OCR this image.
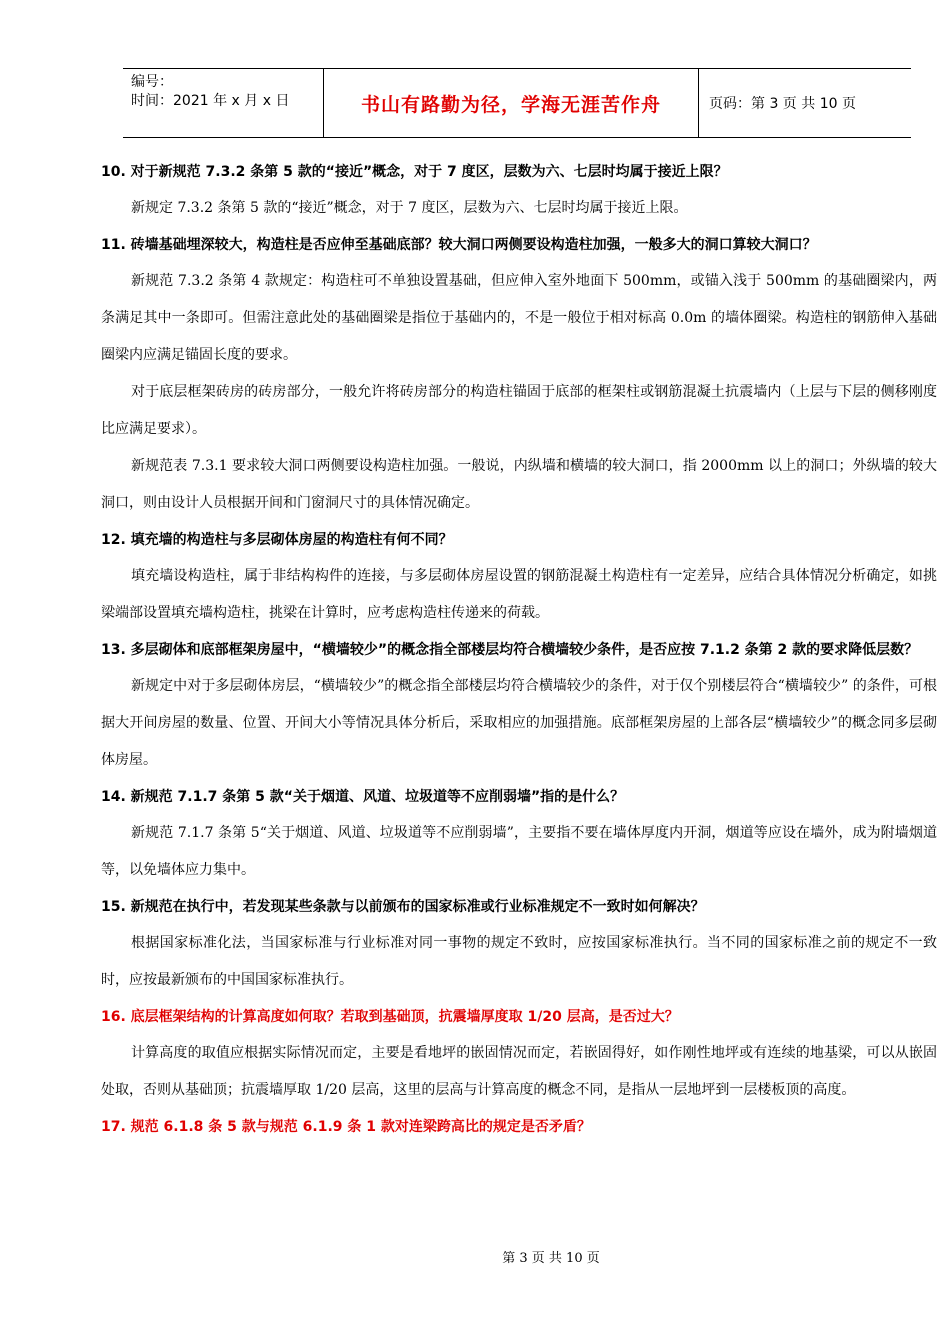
编号：
时间：2021 年 x 月 x 日	书山有路勤为径，学海无涯苦作舟	页码：第 3 页 共 10 页

10. 对于新规范 7.3.2 条第 5 款的“接近”概念，对于 7 度区，层数为六、七层时均属于接近上限？

新规定 7.3.2 条第 5 款的“接近”概念，对于 7 度区，层数为六、七层时均属于接近上限。

11. 砖墙基础埋深较大，构造柱是否应伸至基础底部？较大洞口两侧要设构造柱加强，一般多大的洞口算较大洞口？

新规范 7.3.2 条第 4 款规定：构造柱可不单独设置基础，但应伸入室外地面下 500mm，或锚入浅于 500mm 的基础圈梁内，两条满足其中一条即可。但需注意此处的基础圈梁是指位于基础内的，不是一般位于相对标高 0.0m 的墙体圈梁。构造柱的钢筋伸入基础圈梁内应满足锚固长度的要求。

对于底层框架砖房的砖房部分，一般允许将砖房部分的构造柱锚固于底部的框架柱或钢筋混凝土抗震墙内（上层与下层的侧移刚度比应满足要求）。

新规范表 7.3.1 要求较大洞口两侧要设构造柱加强。一般说，内纵墙和横墙的较大洞口，指 2000mm 以上的洞口；外纵墙的较大洞口，则由设计人员根据开间和门窗洞尺寸的具体情况确定。

12. 填充墙的构造柱与多层砌体房屋的构造柱有何不同？

填充墙设构造柱，属于非结构构件的连接，与多层砌体房屋设置的钢筋混凝土构造柱有一定差异，应结合具体情况分析确定，如挑梁端部设置填充墙构造柱，挑梁在计算时，应考虑构造柱传递来的荷载。

13. 多层砌体和底部框架房屋中，“横墙较少”的概念指全部楼层均符合横墙较少条件，是否应按 7.1.2 条第 2 款的要求降低层数？

新规定中对于多层砌体房层，“横墙较少”的概念指全部楼层均符合横墙较少的条件，对于仅个别楼层符合“横墙较少” 的条件，可根据大开间房屋的数量、位置、开间大小等情况具体分析后，采取相应的加强措施。底部框架房屋的上部各层“横墙较少”的概念同多层砌体房屋。

14. 新规范 7.1.7 条第 5 款“关于烟道、风道、垃圾道等不应削弱墙”指的是什么？

新规范 7.1.7 条第 5“关于烟道、风道、垃圾道等不应削弱墙”，主要指不要在墙体厚度内开洞，烟道等应设在墙外，成为附墙烟道等，以免墙体应力集中。

15. 新规范在执行中，若发现某些条款与以前颁布的国家标准或行业标准规定不一致时如何解决？

根据国家标准化法，当国家标准与行业标准对同一事物的规定不致时，应按国家标准执行。当不同的国家标准之前的规定不一致时，应按最新颁布的中国国家标准执行。

16. 底层框架结构的计算高度如何取？若取到基础顶，抗震墙厚度取 1/20 层高，是否过大？

计算高度的取值应根据实际情况而定，主要是看地坪的嵌固情况而定，若嵌固得好，如作刚性地坪或有连续的地基梁，可以从嵌固处取，否则从基础顶；抗震墙厚取 1/20 层高，这里的层高与计算高度的概念不同，是指从一层地坪到一层楼板顶的高度。

17. 规范 6.1.8 条 5 款与规范 6.1.9 条 1 款对连梁跨高比的规定是否矛盾？

第 3 页 共 10 页
